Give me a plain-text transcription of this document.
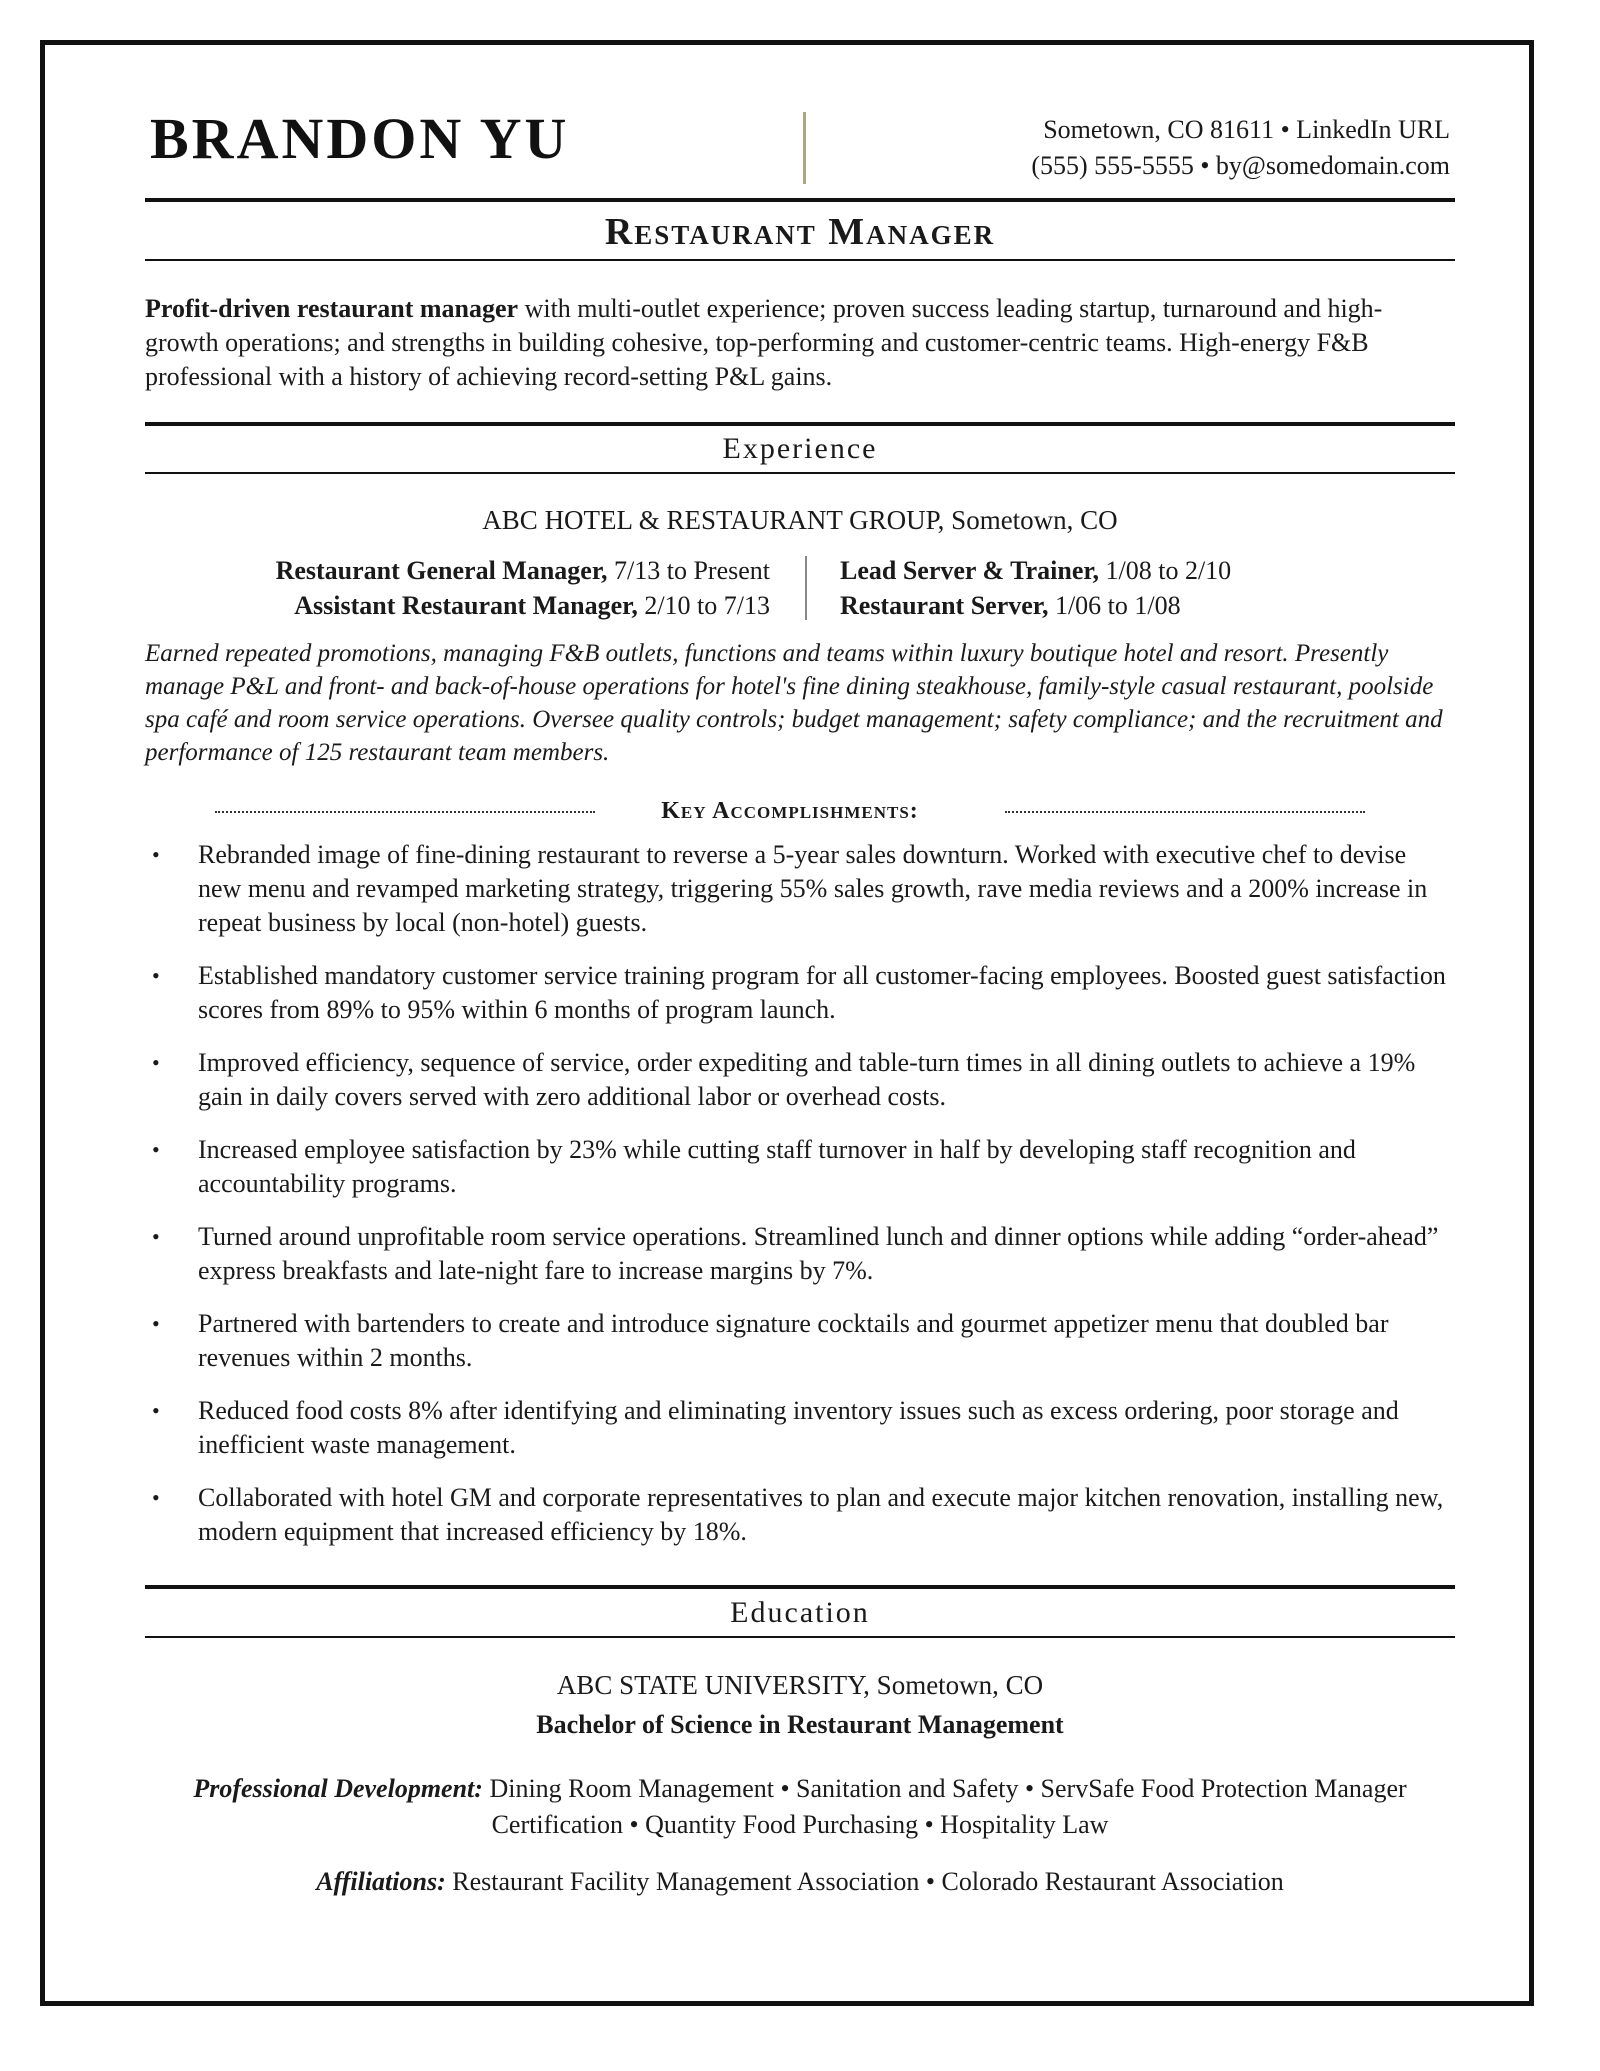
BRANDON YU	Sometown, CO 81611 • LinkedIn URL
(555) 555-5555 • by@somedomain.com
Restaurant Manager
Profit-driven restaurant manager with multi-outlet experience; proven success leading startup, turnaround and high-growth operations; and strengths in building cohesive, top-performing and customer-centric teams. High-energy F&B professional with a history of achieving record-setting P&L gains.
Experience
ABC HOTEL & RESTAURANT GROUP, Sometown, CO
Restaurant General Manager, 7/13 to Present
Assistant Restaurant Manager, 2/10 to 7/13
Lead Server & Trainer, 1/08 to 2/10
Restaurant Server, 1/06 to 1/08
Earned repeated promotions, managing F&B outlets, functions and teams within luxury boutique hotel and resort. Presently manage P&L and front- and back-of-house operations for hotel's fine dining steakhouse, family-style casual restaurant, poolside spa café and room service operations. Oversee quality controls; budget management; safety compliance; and the recruitment and performance of 125 restaurant team members.
Key Accomplishments:
• Rebranded image of fine-dining restaurant to reverse a 5-year sales downturn. Worked with executive chef to devise new menu and revamped marketing strategy, triggering 55% sales growth, rave media reviews and a 200% increase in repeat business by local (non-hotel) guests.
• Established mandatory customer service training program for all customer-facing employees. Boosted guest satisfaction scores from 89% to 95% within 6 months of program launch.
• Improved efficiency, sequence of service, order expediting and table-turn times in all dining outlets to achieve a 19% gain in daily covers served with zero additional labor or overhead costs.
• Increased employee satisfaction by 23% while cutting staff turnover in half by developing staff recognition and accountability programs.
• Turned around unprofitable room service operations. Streamlined lunch and dinner options while adding “order-ahead” express breakfasts and late-night fare to increase margins by 7%.
• Partnered with bartenders to create and introduce signature cocktails and gourmet appetizer menu that doubled bar revenues within 2 months.
• Reduced food costs 8% after identifying and eliminating inventory issues such as excess ordering, poor storage and inefficient waste management.
• Collaborated with hotel GM and corporate representatives to plan and execute major kitchen renovation, installing new, modern equipment that increased efficiency by 18%.
Education
ABC STATE UNIVERSITY, Sometown, CO
Bachelor of Science in Restaurant Management
Professional Development: Dining Room Management • Sanitation and Safety • ServSafe Food Protection Manager Certification • Quantity Food Purchasing • Hospitality Law
Affiliations: Restaurant Facility Management Association • Colorado Restaurant Association
